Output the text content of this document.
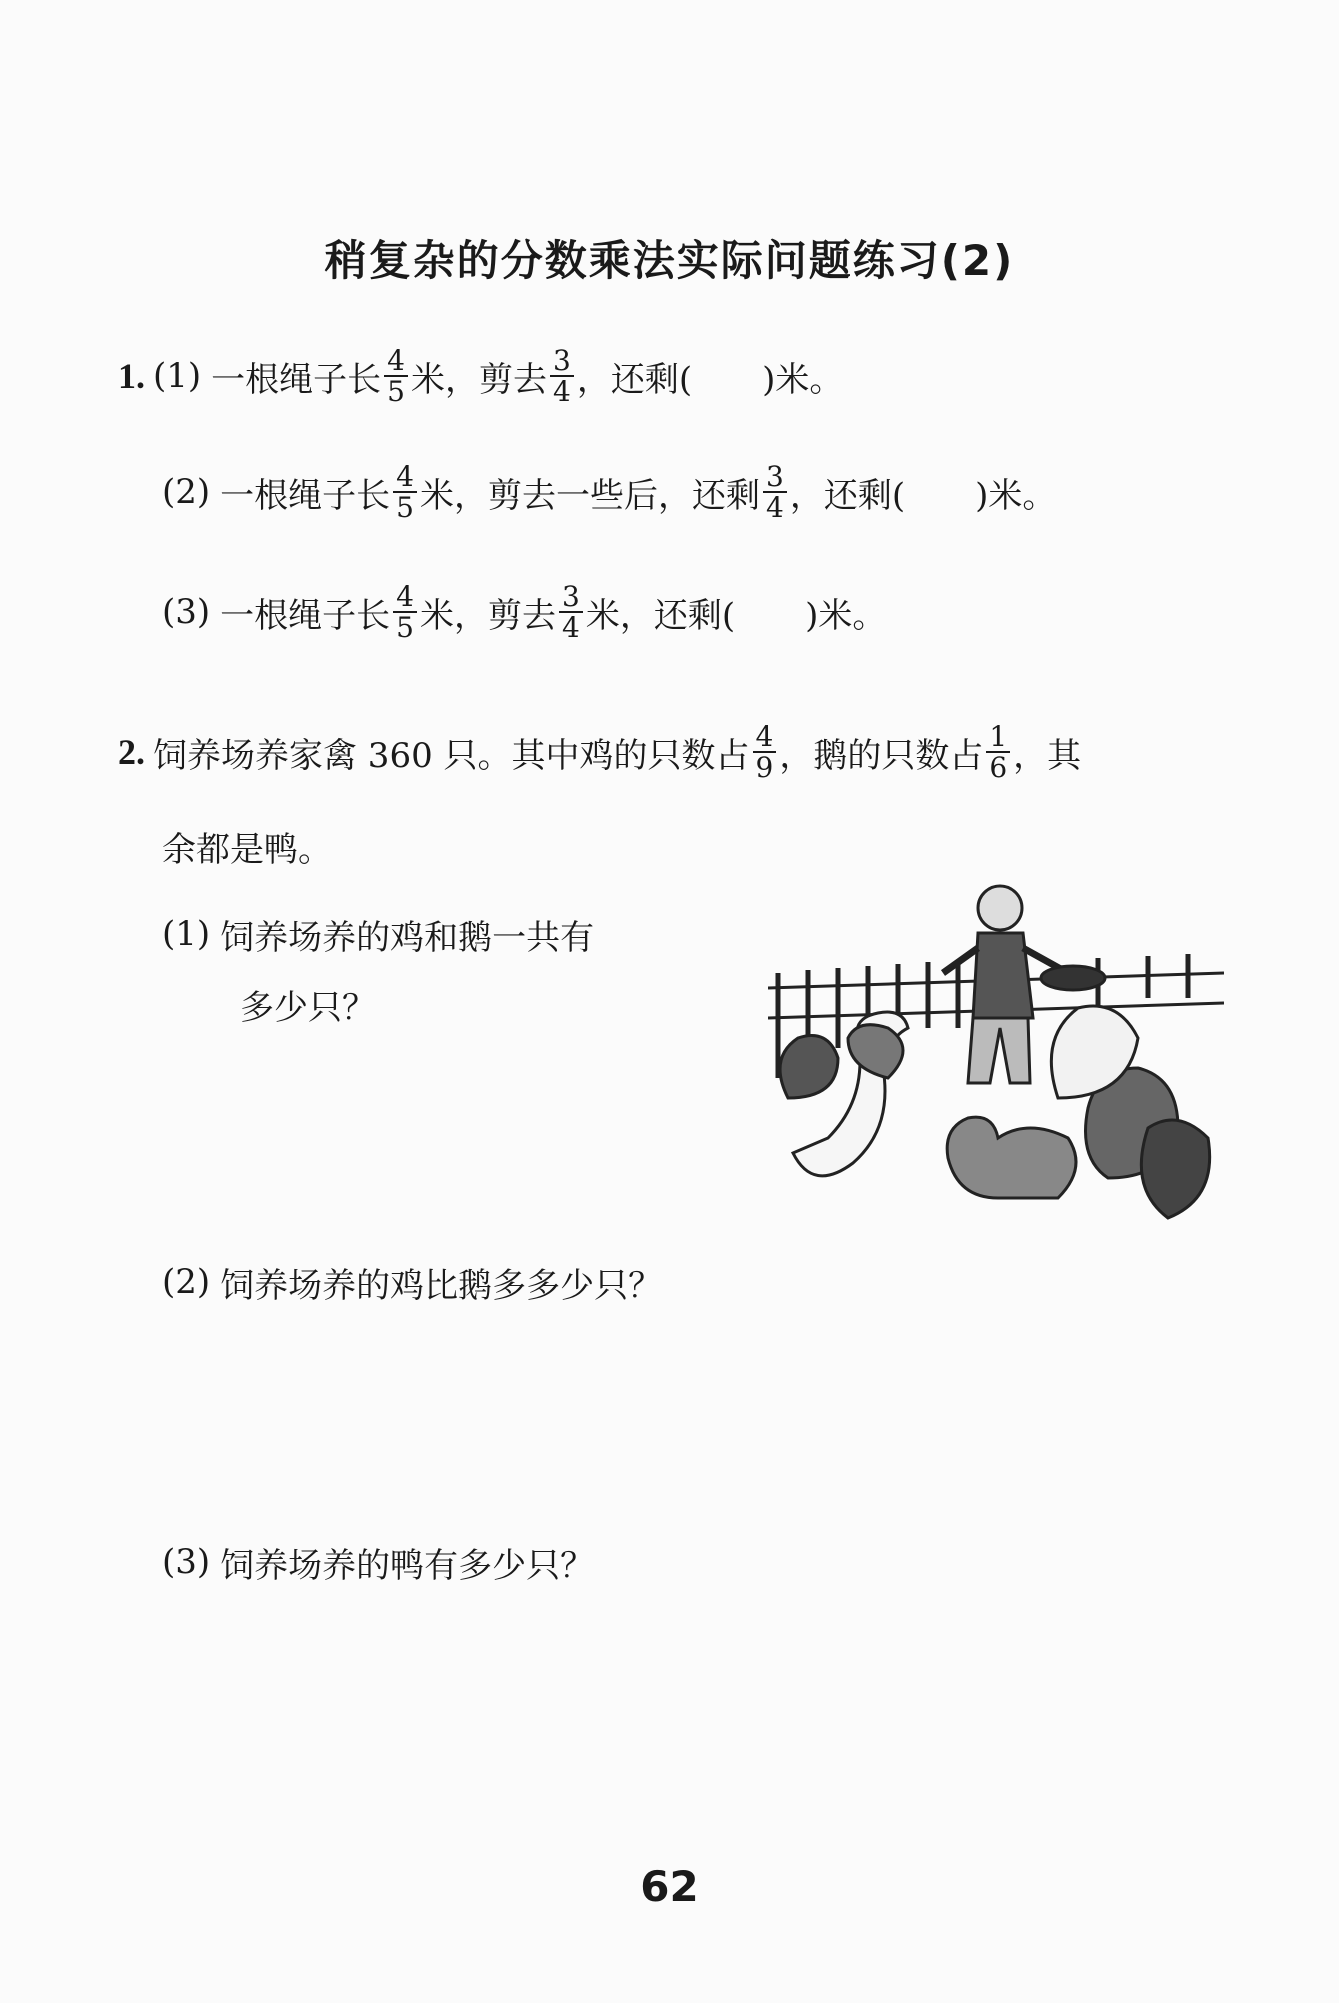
稍复杂的分数乘法实际问题练习(2)
1. (1) 一根绳子长 $\frac{4}{5}$ 米，剪去 $\frac{3}{4}$ ，还剩( )米。
(2) 一根绳子长 $\frac{4}{5}$ 米，剪去一些后，还剩 $\frac{3}{4}$ ，还剩( )米。
(3) 一根绳子长 $\frac{4}{5}$ 米，剪去 $\frac{3}{4}$ 米，还剩( )米。
2. 饲养场养家禽 360 只。其中鸡的只数占 $\frac{4}{9}$ ，鹅的只数占 $\frac{1}{6}$ ，其
余都是鸭。
(1) 饲养场养的鸡和鹅一共有
多少只？
(2) 饲养场养的鸡比鹅多多少只？
(3) 饲养场养的鸭有多少只？
62
